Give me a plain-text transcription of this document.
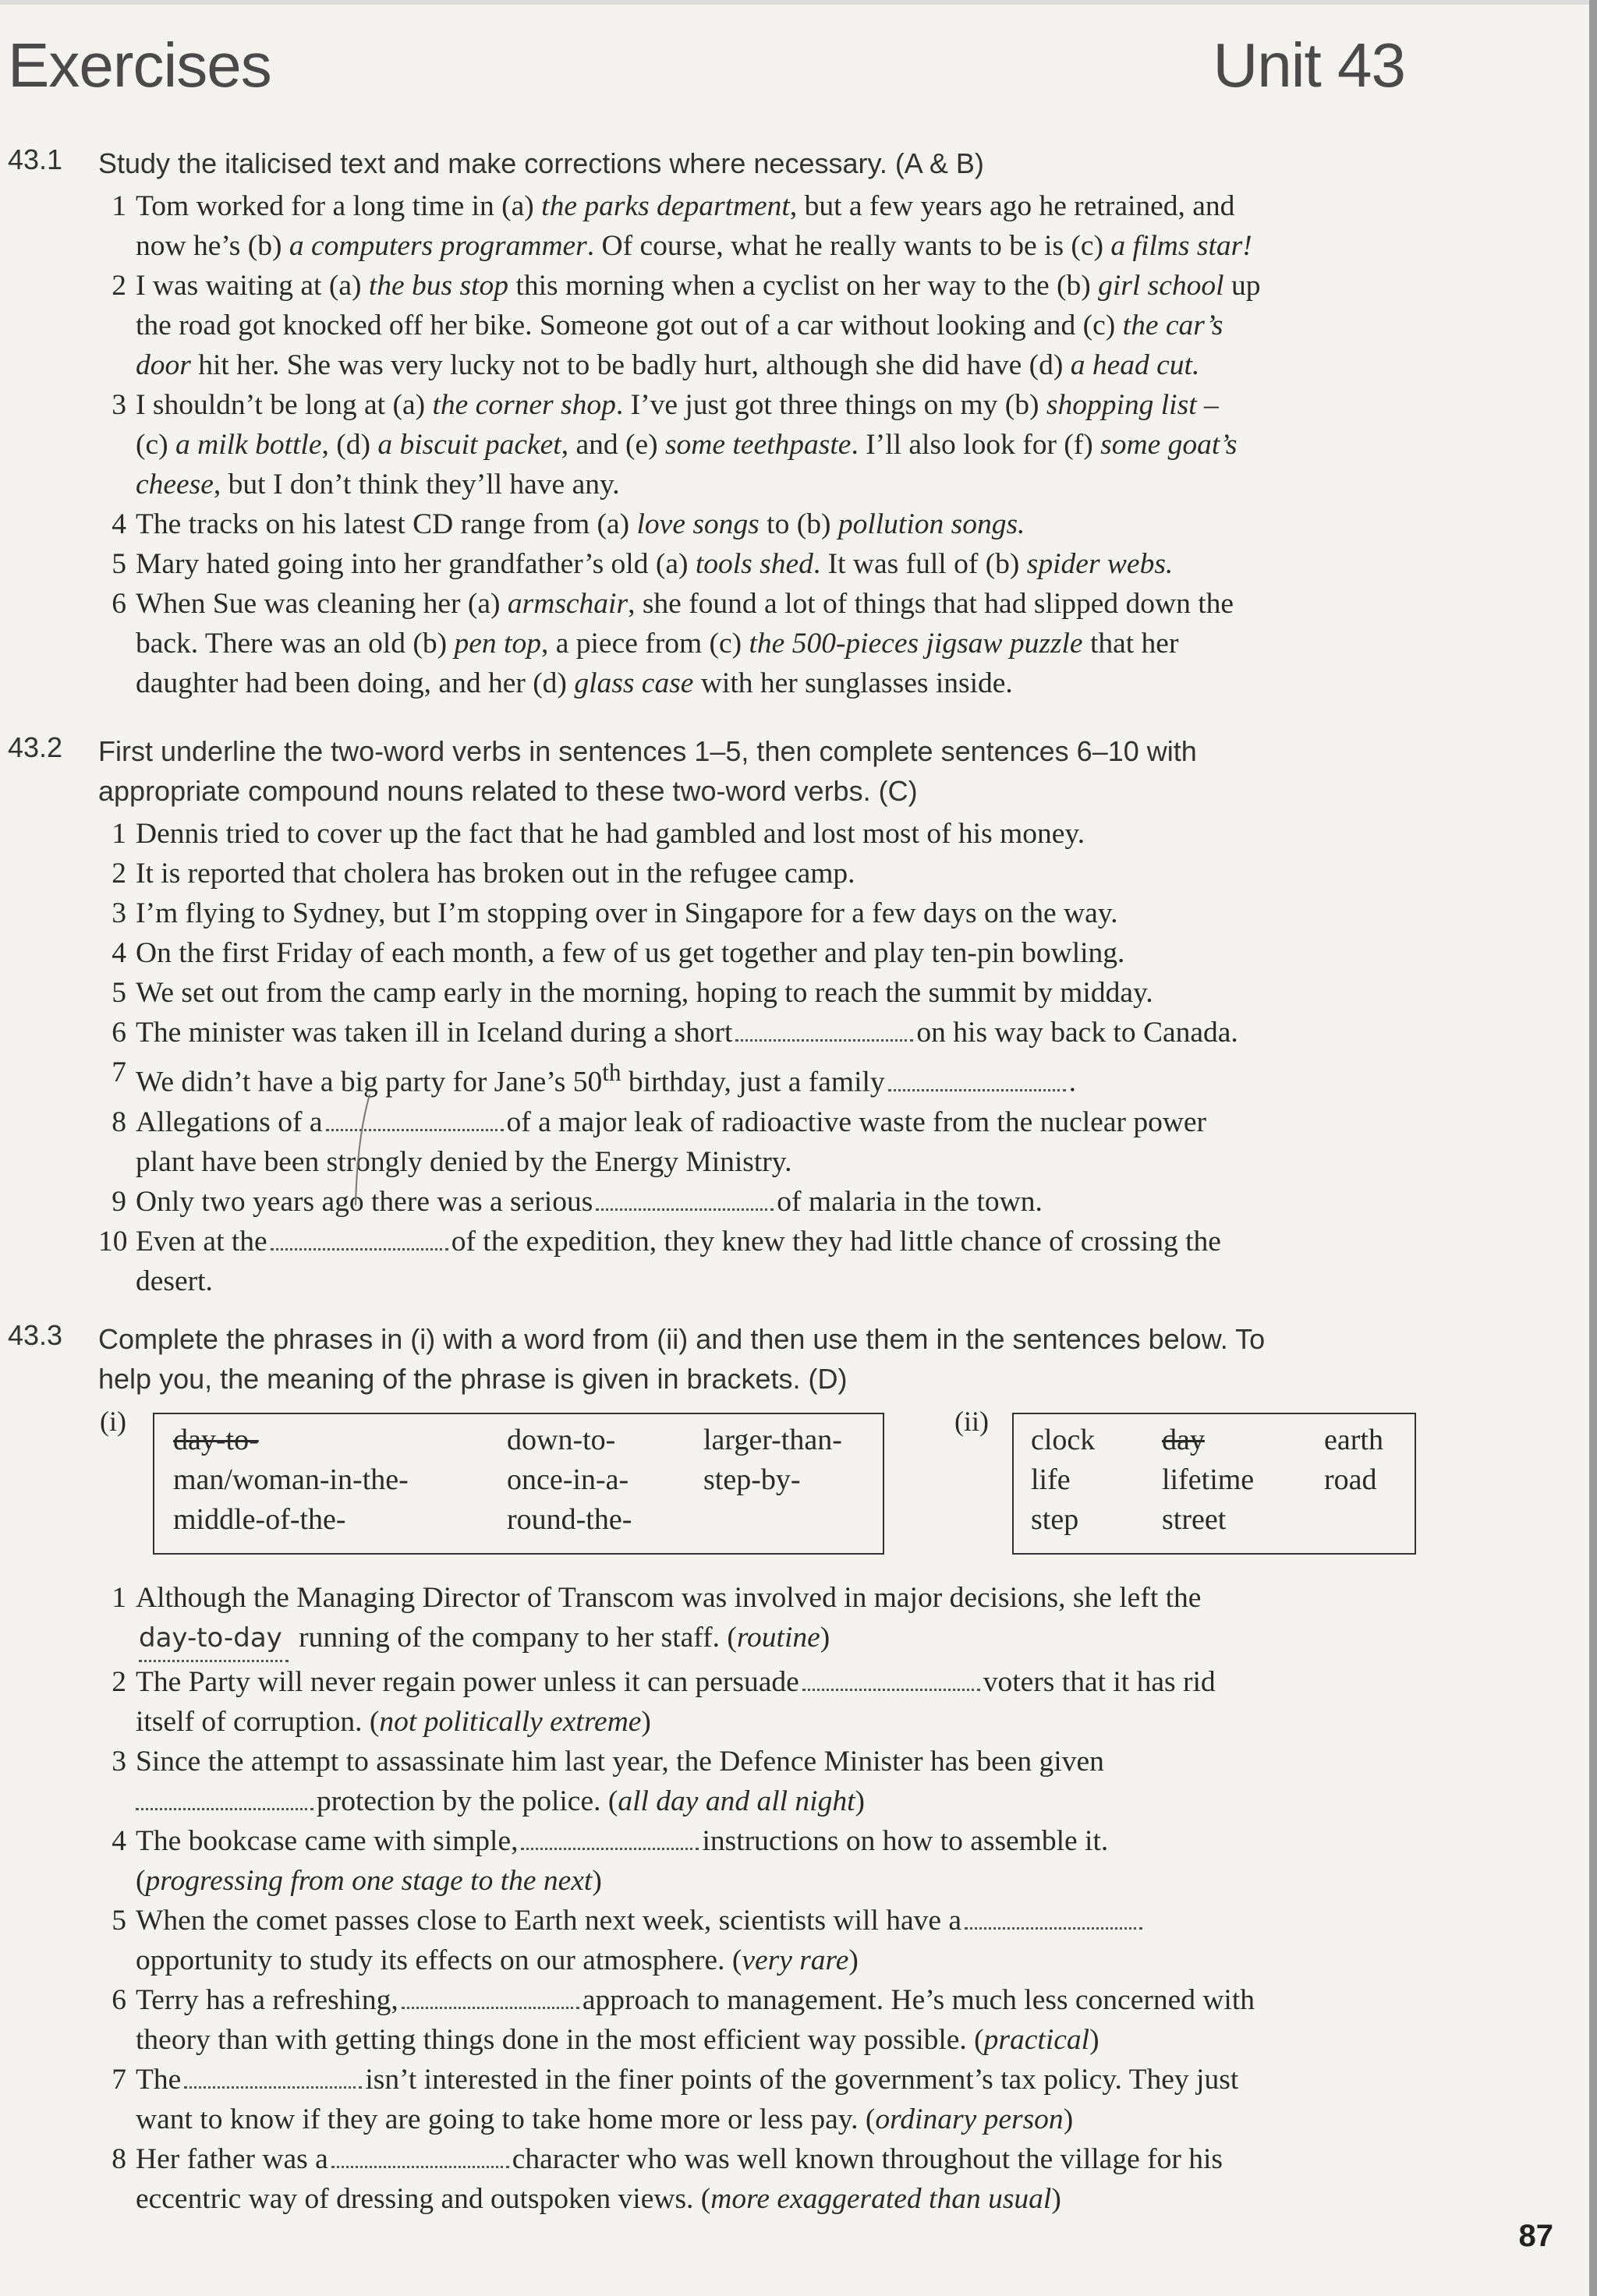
Exercises	Unit 43
43.1 Study the italicised text and make corrections where necessary. (A & B)
1 Tom worked for a long time in (a) the parks department, but a few years ago he retrained, and
now he’s (b) a computers programmer. Of course, what he really wants to be is (c) a films star!
2 I was waiting at (a) the bus stop this morning when a cyclist on her way to the (b) girl school up
the road got knocked off her bike. Someone got out of a car without looking and (c) the car’s
door hit her. She was very lucky not to be badly hurt, although she did have (d) a head cut.
3 I shouldn’t be long at (a) the corner shop. I’ve just got three things on my (b) shopping list –
(c) a milk bottle, (d) a biscuit packet, and (e) some teethpaste. I’ll also look for (f) some goat’s
cheese, but I don’t think they’ll have any.
4 The tracks on his latest CD range from (a) love songs to (b) pollution songs.
5 Mary hated going into her grandfather’s old (a) tools shed. It was full of (b) spider webs.
6 When Sue was cleaning her (a) armschair, she found a lot of things that had slipped down the
back. There was an old (b) pen top, a piece from (c) the 500-pieces jigsaw puzzle that her
daughter had been doing, and her (d) glass case with her sunglasses inside.
43.2 First underline the two-word verbs in sentences 1–5, then complete sentences 6–10 with
appropriate compound nouns related to these two-word verbs. (C)
1 Dennis tried to cover up the fact that he had gambled and lost most of his money.
2 It is reported that cholera has broken out in the refugee camp.
3 I’m flying to Sydney, but I’m stopping over in Singapore for a few days on the way.
4 On the first Friday of each month, a few of us get together and play ten-pin bowling.
5 We set out from the camp early in the morning, hoping to reach the summit by midday.
6 The minister was taken ill in Iceland during a short	on his way back to Canada.
7 We didn’t have a big party for Jane’s 50th birthday, just a family	.
8 Allegations of a	of a major leak of radioactive waste from the nuclear power
plant have been strongly denied by the Energy Ministry.
9 Only two years ago there was a serious	of malaria in the town.
10 Even at the	of the expedition, they knew they had little chance of crossing the
desert.
43.3 Complete the phrases in (i) with a word from (ii) and then use them in the sentences below. To
help you, the meaning of the phrase is given in brackets. (D)
(i)
day-to-	down-to-	larger-than-
man/woman-in-the-	once-in-a-	step-by-
middle-of-the-	round-the-
(ii)
clock day	earth
life	lifetime road
step	street
1 Although the Managing Director of Transcom was involved in major decisions, she left the
day-to-day running of the company to her staff. (routine)
2 The Party will never regain power unless it can persuade	voters that it has rid
itself of corruption. (not politically extreme)
3 Since the attempt to assassinate him last year, the Defence Minister has been given
protection by the police. (all day and all night)
4 The bookcase came with simple,	instructions on how to assemble it.
(progressing from one stage to the next)
5 When the comet passes close to Earth next week, scientists will have a
opportunity to study its effects on our atmosphere. (very rare)
6 Terry has a refreshing,	approach to management. He’s much less concerned with
theory than with getting things done in the most efficient way possible. (practical)
7 The	isn’t interested in the finer points of the government’s tax policy. They just
want to know if they are going to take home more or less pay. (ordinary person)
8 Her father was a	character who was well known throughout the village for his
eccentric way of dressing and outspoken views. (more exaggerated than usual)
87
